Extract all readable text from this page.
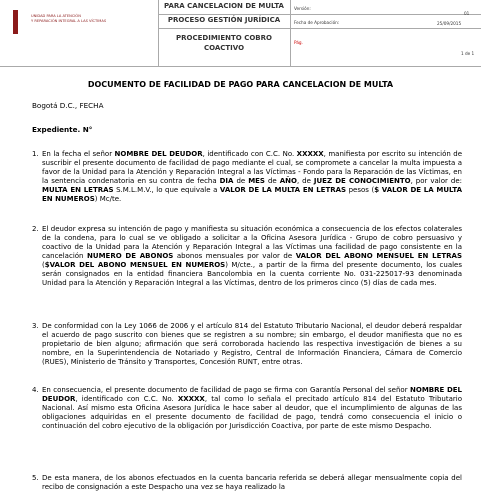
UNIDAD PARA LA ATENCIÓN
Y REPARACIÓN INTEGRAL A LAS VÍCTIMAS
PARA CANCELACION DE MULTA
PROCESO GESTIÓN JURÍDICA
PROCEDIMIENTO COBRO
COACTIVO
Versión:
01
Fecha de Aprobación:	25/09/2015
Pág.
1 de 1
DOCUMENTO DE FACILIDAD DE PAGO PARA CANCELACION DE MULTA
Bogotá D.C., FECHA
Expediente. N°
1. En la fecha el señor NOMBRE DEL DEUDOR, identificado con C.C. No. XXXXX, manifiesta por escrito su intención de suscribir el presente documento de facilidad de pago mediante el cual, se compromete a cancelar la multa impuesta a favor de la Unidad para la Atención y Reparación Integral a las Víctimas - Fondo para la Reparación de las Víctimas, en la sentencia condenatoria en su contra de fecha DIA de MES de AÑO, de JUEZ DE CONOCIMIENTO, por valor de: MULTA EN LETRAS S.M.L.M.V., lo que equivale a VALOR DE LA MULTA EN LETRAS pesos ($ VALOR DE LA MULTA EN NUMEROS) Mc/te.
2. El deudor expresa su intención de pago y manifiesta su situación económica a consecuencia de los efectos colaterales de la condena, para lo cual se ve obligado a solicitar a la Oficina Asesora Jurídica - Grupo de cobro persuasivo y coactivo de la Unidad para la Atención y Reparación Integral a las Víctimas una facilidad de pago consistente en la cancelación NUMERO DE ABONOS abonos mensuales por valor de VALOR DEL ABONO MENSUEL EN LETRAS ($VALOR DEL ABONO MENSUEL EN NUMEROS) M/cte., a partir de la firma del presente documento, los cuales serán consignados en la entidad financiera Bancolombia en la cuenta corriente No. 031-225017-93 denominada Unidad para la Atención y Reparación Integral a las Víctimas, dentro de los primeros cinco (5) días de cada mes.
3. De conformidad con la Ley 1066 de 2006 y el artículo 814 del Estatuto Tributario Nacional, el deudor deberá respaldar el acuerdo de pago suscrito con bienes que se registren a su nombre; sin embargo, el deudor manifiesta que no es propietario de bien alguno; afirmación que será corroborada haciendo las respectiva investigación de bienes a su nombre, en la Superintendencia de Notariado y Registro, Central de Información Financiera, Cámara de Comercio (RUES), Ministerio de Tránsito y Transportes, Concesión RUNT, entre otras.
4. En consecuencia, el presente documento de facilidad de pago se firma con Garantía Personal del señor NOMBRE DEL DEUDOR, identificado con C.C. No. XXXXX, tal como lo señala el precitado artículo 814 del Estatuto Tributario Nacional. Así mismo esta Oficina Asesora Jurídica le hace saber al deudor, que el incumplimiento de algunas de las obligaciones adquiridas en el presente documento de facilidad de pago, tendrá como consecuencia el inicio o continuación del cobro ejecutivo de la obligación por Jurisdicción Coactiva, por parte de este mismo Despacho.
5. De esta manera, de los abonos efectuados en la cuenta bancaria referida se deberá allegar mensualmente copia del recibo de consignación a este Despacho una vez se haya realizado la
